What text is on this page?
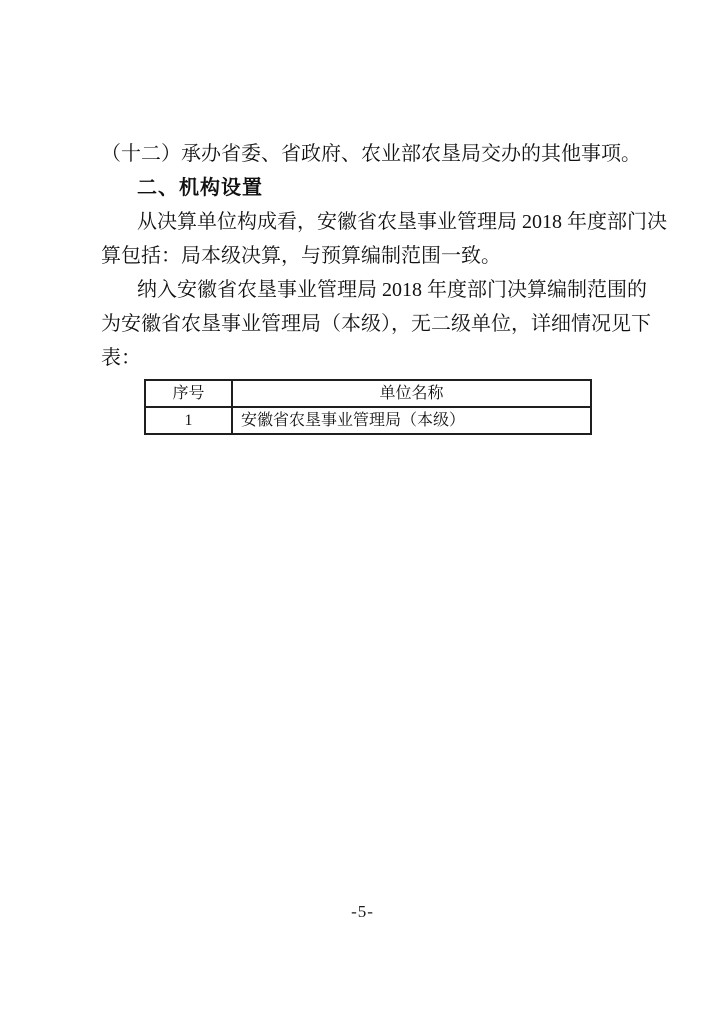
（十二）承办省委、省政府、农业部农垦局交办的其他事项。
二、机构设置
从决算单位构成看，安徽省农垦事业管理局 2018 年度部门决
算包括：局本级决算，与预算编制范围一致。
纳入安徽省农垦事业管理局 2018 年度部门决算编制范围的
为安徽省农垦事业管理局（本级），无二级单位，详细情况见下
表：
序号	单位名称
1	安徽省农垦事业管理局（本级）
-5-
